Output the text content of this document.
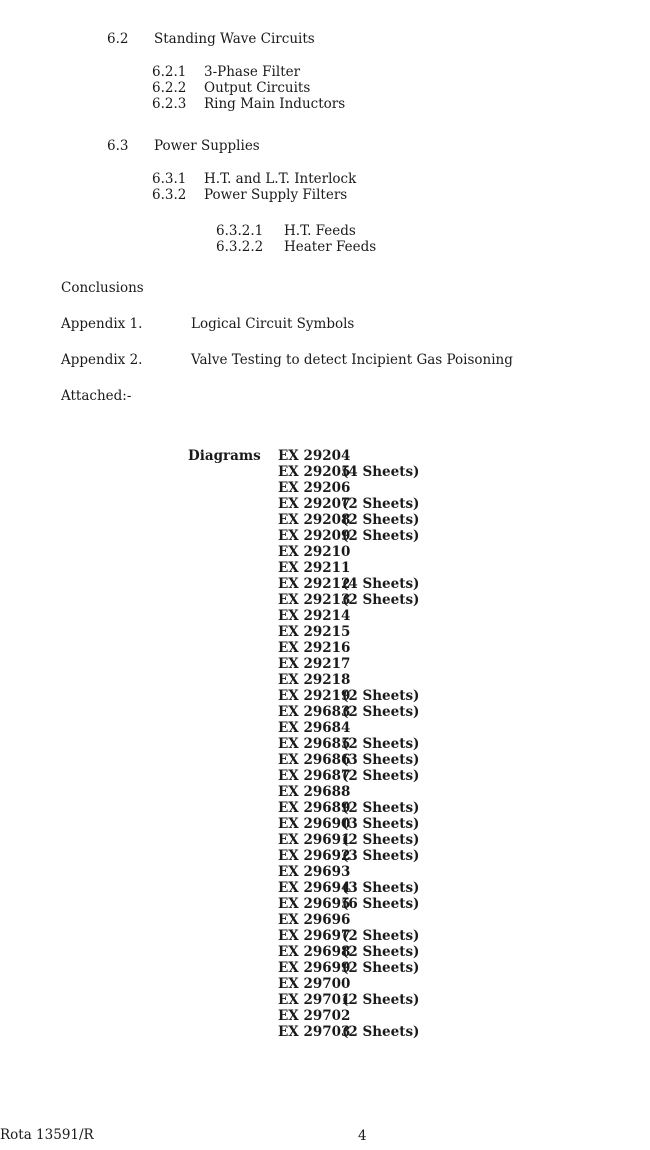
6.2 Standing Wave Circuits
6.2.1 3-Phase Filter
6.2.2 Output Circuits
6.2.3 Ring Main Inductors
6.3 Power Supplies
6.3.1 H.T. and L.T. Interlock
6.3.2 Power Supply Filters
6.3.2.1 H.T. Feeds
6.3.2.2 Heater Feeds
Conclusions
Appendix 1.	Logical Circuit Symbols
Appendix 2.	Valve Testing to detect Incipient Gas Poisoning
Attached:-
Diagrams EX 29204
EX 29205(4 Sheets)
EX 29206
EX 29207(2 Sheets)
EX 29208(2 Sheets)
EX 29209(2 Sheets)
EX 29210
EX 29211
EX 29212(4 Sheets)
EX 29213(2 Sheets)
EX 29214
EX 29215
EX 29216
EX 29217
EX 29218
EX 29219(2 Sheets)
EX 29683(2 Sheets)
EX 29684
EX 29685(2 Sheets)
EX 29686(3 Sheets)
EX 29687(2 Sheets)
EX 29688
EX 29689(2 Sheets)
EX 29690(3 Sheets)
EX 29691(2 Sheets)
EX 29692(3 Sheets)
EX 29693
EX 29694(3 Sheets)
EX 29695(6 Sheets)
EX 29696
EX 29697(2 Sheets)
EX 29698(2 Sheets)
EX 29699(2 Sheets)
EX 29700
EX 29701(2 Sheets)
EX 29702
EX 29703(2 Sheets)
Rota 13591/R	4
